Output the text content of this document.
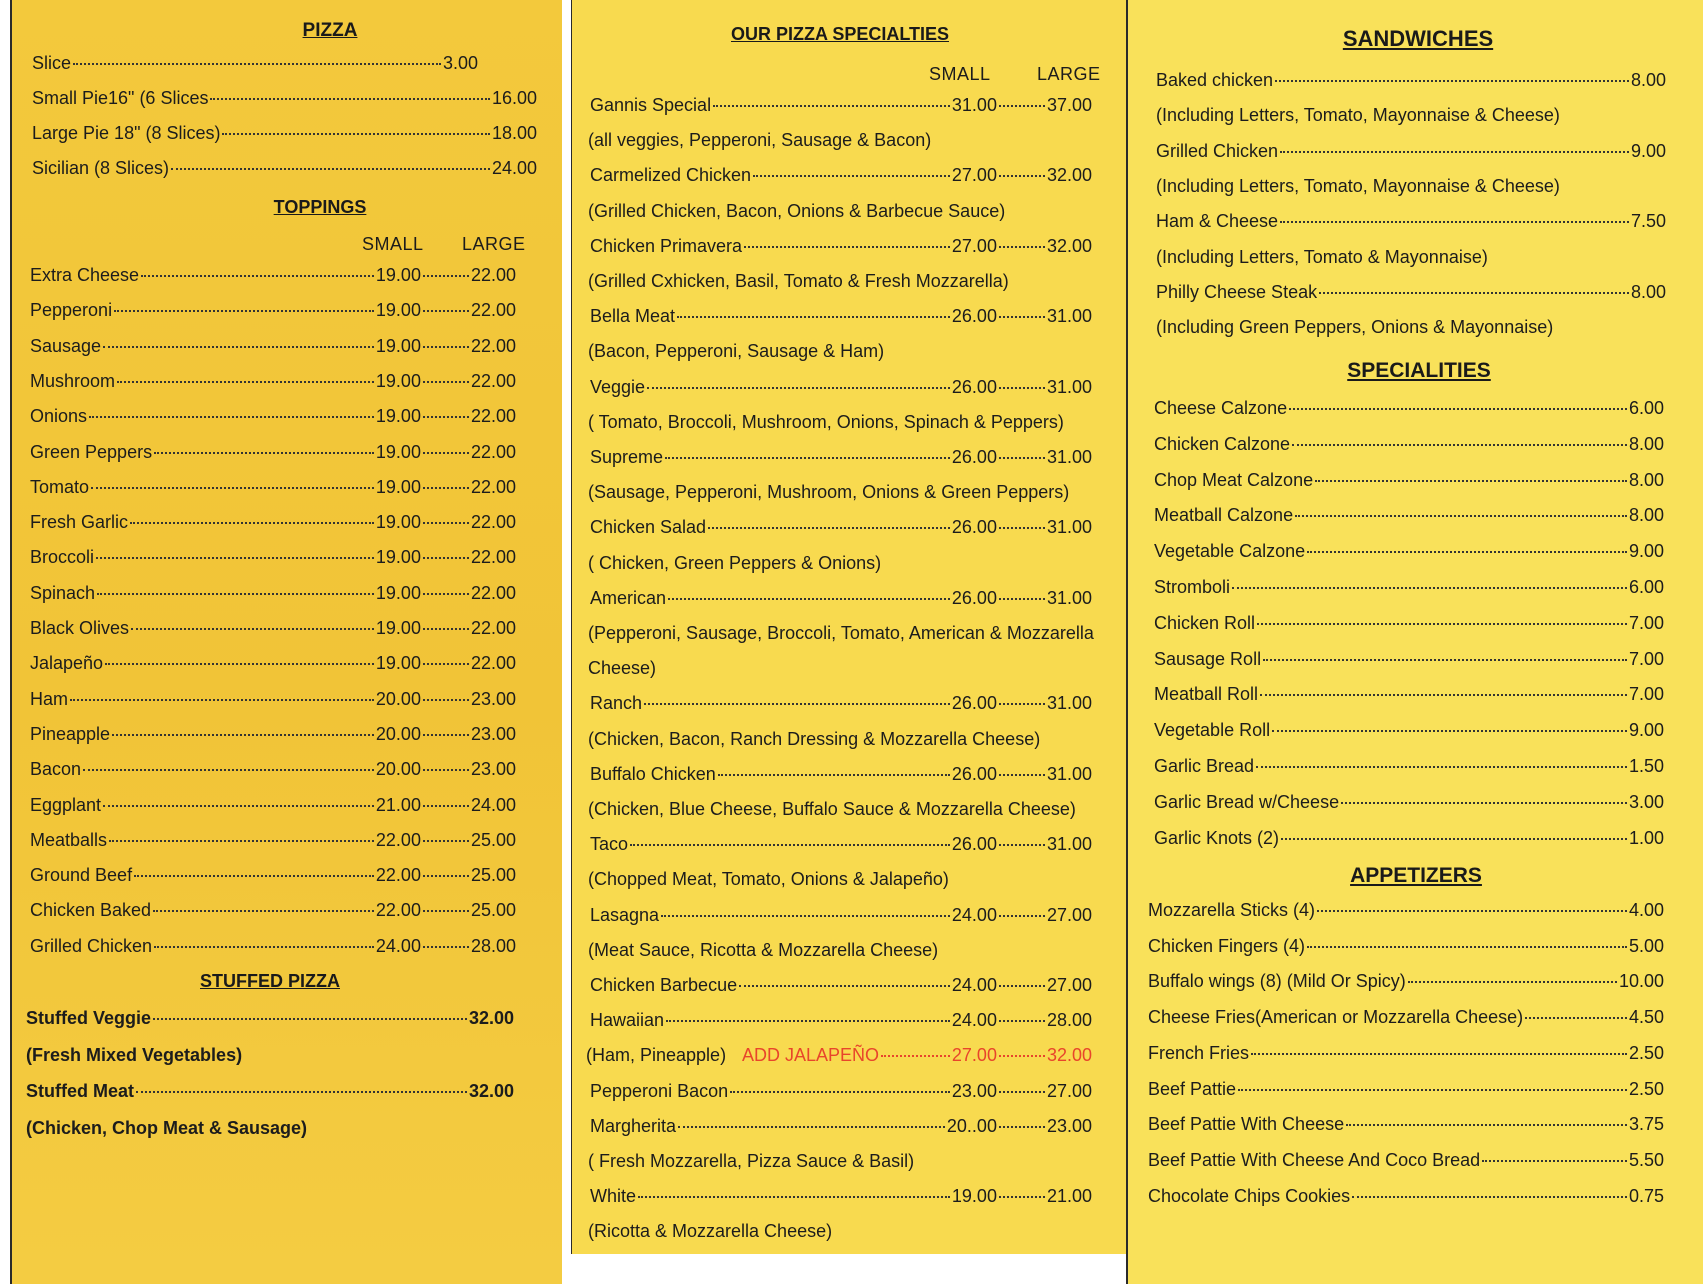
PIZZA
Slice	3.00
Small Pie16" (6 Slices	16.00
Large Pie 18" (8 Slices)	18.00
Sicilian (8 Slices)	24.00
TOPPINGS
SMALL LARGE
Extra Cheese	19.00	22.00
Pepperoni	19.00	22.00
Sausage	19.00	22.00
Mushroom	19.00	22.00
Onions	19.00	22.00
Green Peppers	19.00	22.00
Tomato	19.00	22.00
Fresh Garlic	19.00	22.00
Broccoli	19.00	22.00
Spinach	19.00	22.00
Black Olives	19.00	22.00
Jalapeño	19.00	22.00
Ham	20.00	23.00
Pineapple	20.00	23.00
Bacon	20.00	23.00
Eggplant	21.00	24.00
Meatballs	22.00	25.00
Ground Beef	22.00	25.00
Chicken Baked	22.00	25.00
Grilled Chicken	24.00	28.00
STUFFED PIZZA
Stuffed Veggie	32.00
(Fresh Mixed Vegetables)
Stuffed Meat	32.00
(Chicken, Chop Meat & Sausage)
OUR PIZZA SPECIALTIES
SMALL	LARGE
Gannis Special	31.00	37.00
(all veggies, Pepperoni, Sausage & Bacon)
Carmelized Chicken	27.00	32.00
(Grilled Chicken, Bacon, Onions & Barbecue Sauce)
Chicken Primavera	27.00	32.00
(Grilled Cxhicken, Basil, Tomato & Fresh Mozzarella)
Bella Meat	26.00	31.00
(Bacon, Pepperoni, Sausage & Ham)
Veggie	26.00	31.00
( Tomato, Broccoli, Mushroom, Onions, Spinach & Peppers)
Supreme	26.00	31.00
(Sausage, Pepperoni, Mushroom, Onions & Green Peppers)
Chicken Salad	26.00	31.00
( Chicken, Green Peppers & Onions)
American	26.00	31.00
(Pepperoni, Sausage, Broccoli, Tomato, American & Mozzarella
Cheese)
Ranch	26.00	31.00
(Chicken, Bacon, Ranch Dressing & Mozzarella Cheese)
Buffalo Chicken	26.00	31.00
(Chicken, Blue Cheese, Buffalo Sauce & Mozzarella Cheese)
Taco	26.00	31.00
(Chopped Meat, Tomato, Onions & Jalapeño)
Lasagna	24.00	27.00
(Meat Sauce, Ricotta & Mozzarella Cheese)
Chicken Barbecue	24.00	27.00
Hawaiian	24.00	28.00
(Ham, Pineapple) ADD JALAPEÑO	27.00	32.00
Pepperoni Bacon	23.00	27.00
Margherita	20..00	23.00
( Fresh Mozzarella, Pizza Sauce & Basil)
White	19.00	21.00
(Ricotta & Mozzarella Cheese)
SANDWICHES
Baked chicken	8.00
(Including Letters, Tomato, Mayonnaise & Cheese)
Grilled Chicken	9.00
(Including Letters, Tomato, Mayonnaise & Cheese)
Ham & Cheese	7.50
(Including Letters, Tomato & Mayonnaise)
Philly Cheese Steak	8.00
(Including Green Peppers, Onions & Mayonnaise)
SPECIALITIES
Cheese Calzone	6.00
Chicken Calzone	8.00
Chop Meat Calzone	8.00
Meatball Calzone	8.00
Vegetable Calzone	9.00
Stromboli	6.00
Chicken Roll	7.00
Sausage Roll	7.00
Meatball Roll	7.00
Vegetable Roll	9.00
Garlic Bread	1.50
Garlic Bread w/Cheese	3.00
Garlic Knots (2)	1.00
APPETIZERS
Mozzarella Sticks (4)	4.00
Chicken Fingers (4)	5.00
Buffalo wings (8) (Mild Or Spicy)	10.00
Cheese Fries(American or Mozzarella Cheese)	4.50
French Fries	2.50
Beef Pattie	2.50
Beef Pattie With Cheese	3.75
Beef Pattie With Cheese And Coco Bread	5.50
Chocolate Chips Cookies	0.75
